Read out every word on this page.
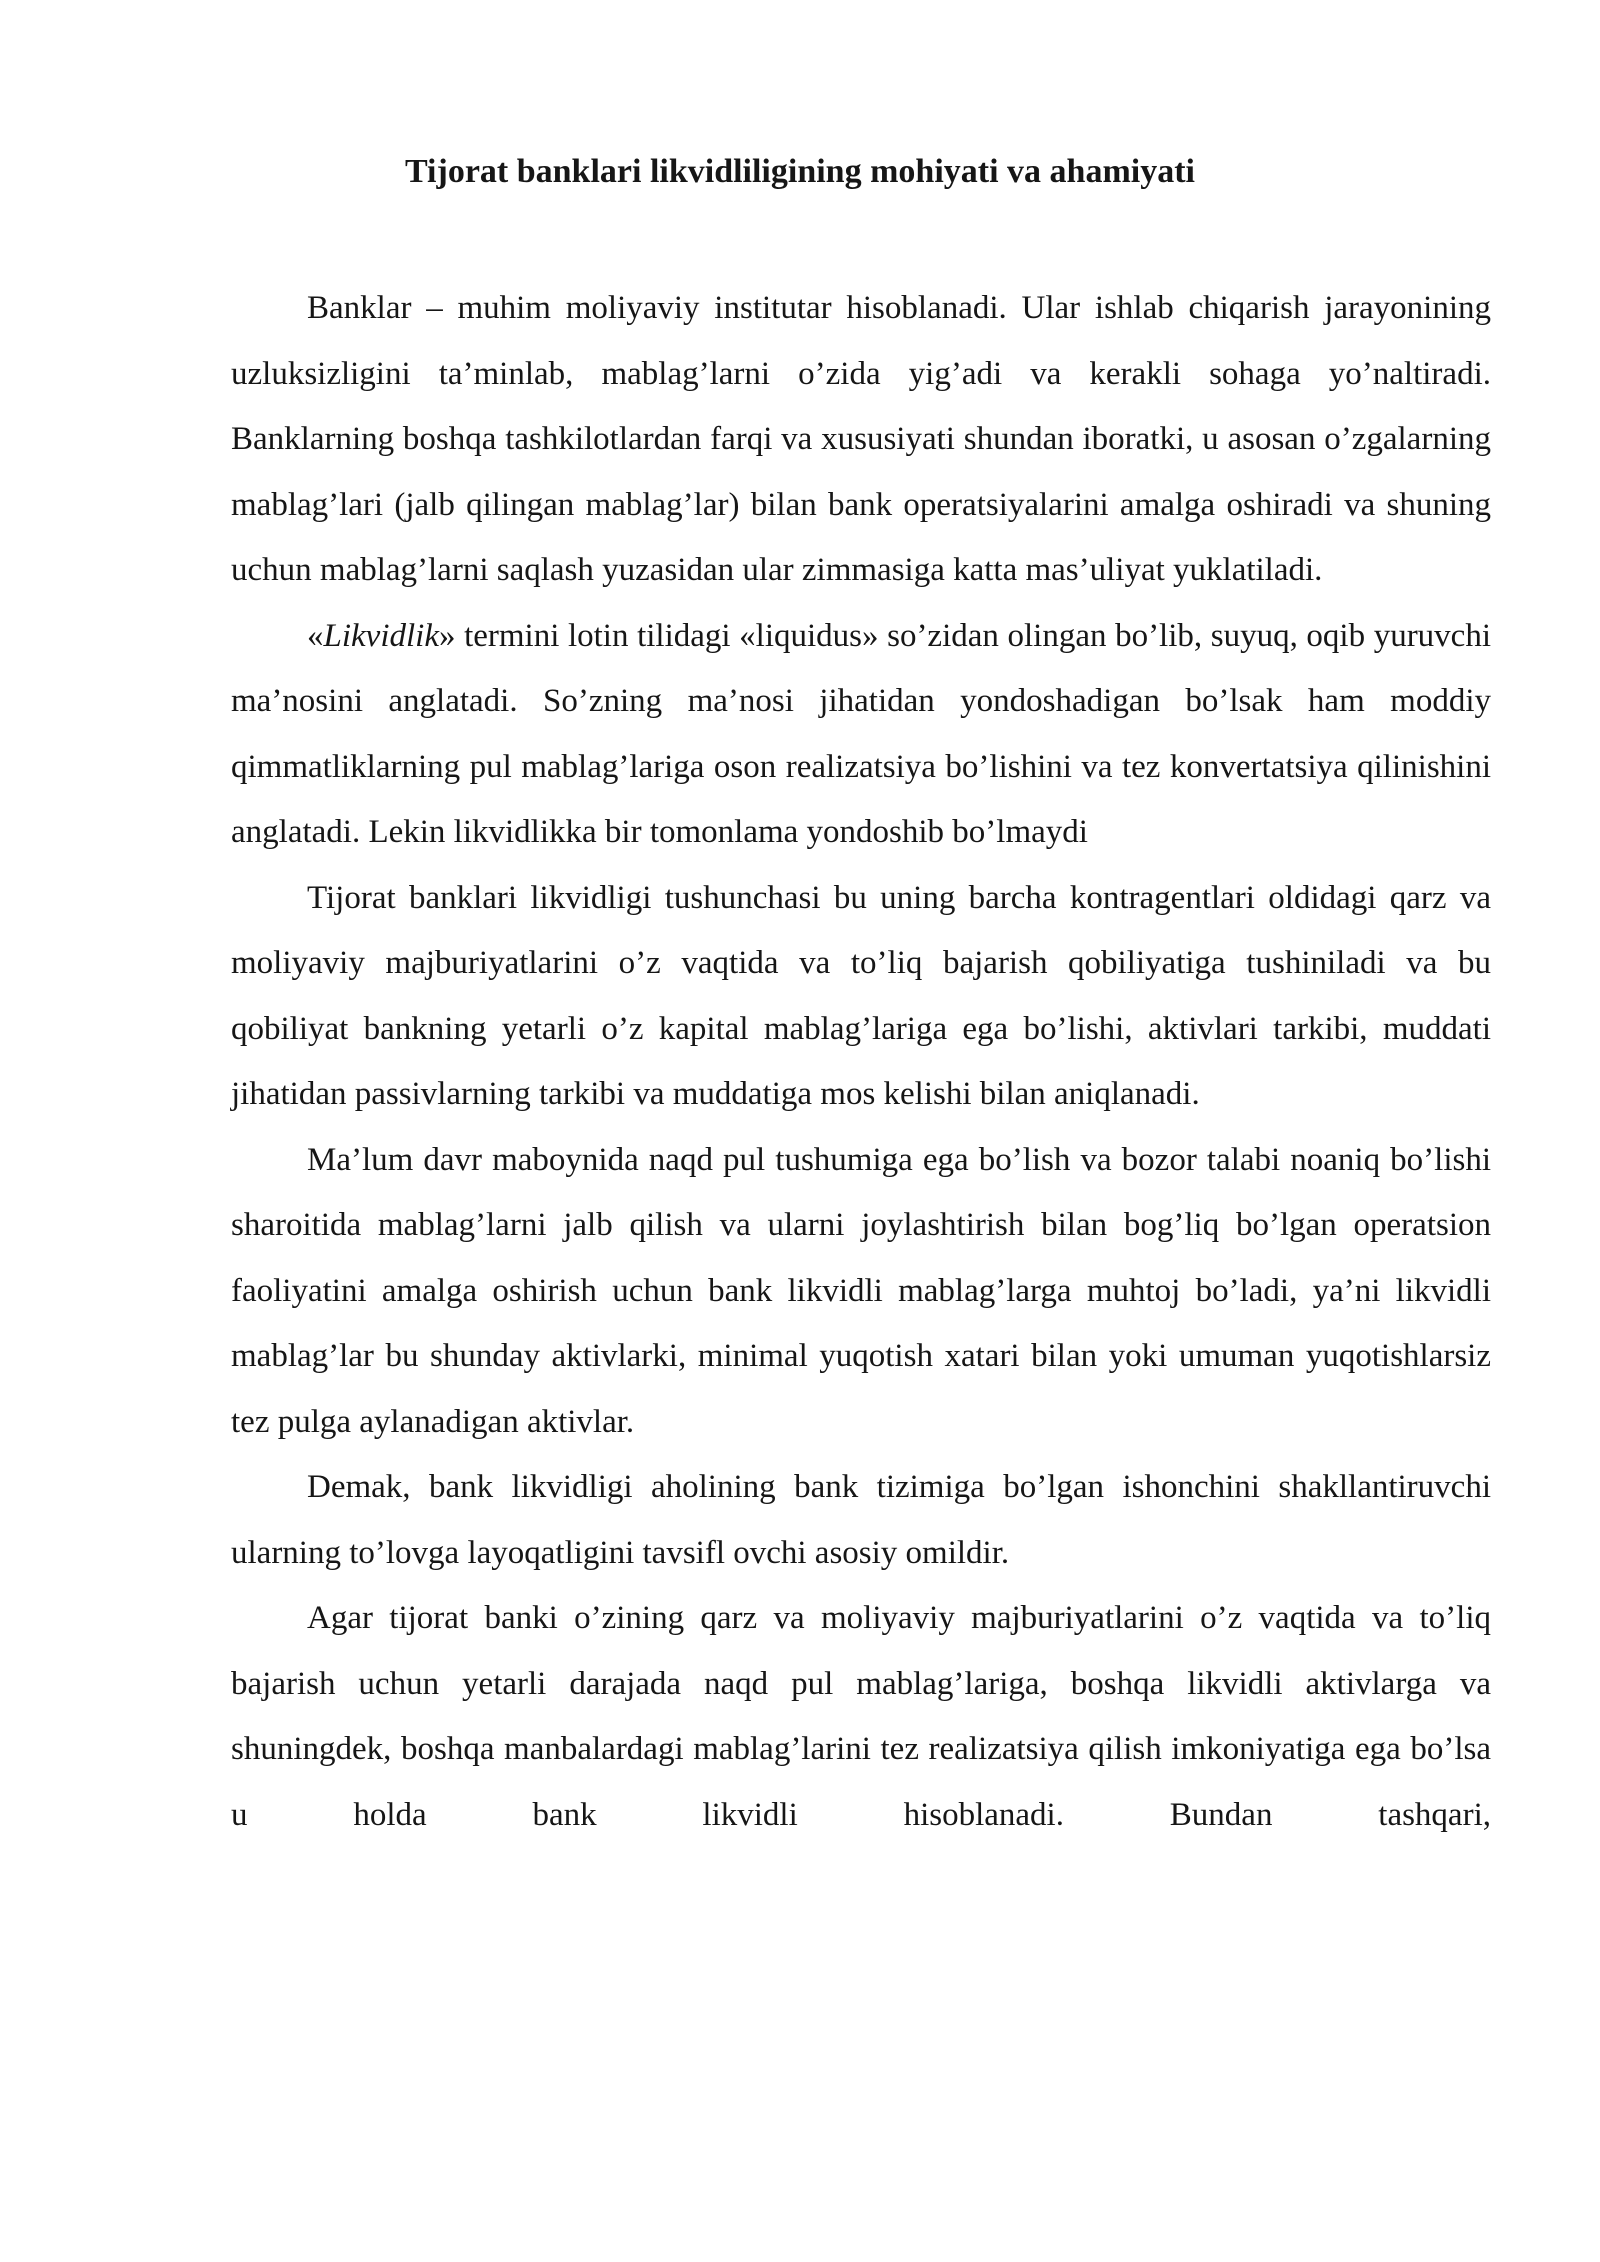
Tijorat banklari likvidliligining mohiyati va ahamiyati

Banklar – muhim moliyaviy institutar hisoblanadi. Ular ishlab chiqarish jarayonining uzluksizligini ta’minlab, mablag’larni o’zida yig’adi va kerakli sohaga yo’naltiradi. Banklarning boshqa tashkilotlardan farqi va xususiyati shundan iboratki, u asosan o’zgalarning mablag’lari (jalb qilingan mablag’lar) bilan bank operatsiyalarini amalga oshiradi va shuning uchun mablag’larni saqlash yuzasidan ular zimmasiga katta mas’uliyat yuklatiladi.

«Likvidlik» termini lotin tilidagi «liquidus» so’zidan olingan bo’lib, suyuq, oqib yuruvchi ma’nosini anglatadi. So’zning ma’nosi jihatidan yondoshadigan bo’lsak ham moddiy qimmatliklarning pul mablag’lariga oson realizatsiya bo’lishini va tez konvertatsiya qilinishini anglatadi. Lekin likvidlikka bir tomonlama yondoshib bo’lmaydi

Tijorat banklari likvidligi tushunchasi bu uning barcha kontragentlari oldidagi qarz va moliyaviy majburiyatlarini o’z vaqtida va to’liq bajarish qobiliyatiga tushiniladi va bu qobiliyat bankning yetarli o’z kapital mablag’lariga ega bo’lishi, aktivlari tarkibi, muddati jihatidan passivlarning tarkibi va muddatiga mos kelishi bilan aniqlanadi.

Ma’lum davr maboynida naqd pul tushumiga ega bo’lish va bozor talabi noaniq bo’lishi sharoitida mablag’larni jalb qilish va ularni joylashtirish bilan bog’liq bo’lgan operatsion faoliyatini amalga oshirish uchun bank likvidli mablag’larga muhtoj bo’ladi, ya’ni likvidli mablag’lar bu shunday aktivlarki, minimal yuqotish xatari bilan yoki umuman yuqotishlarsiz tez pulga aylanadigan aktivlar.

Demak, bank likvidligi aholining bank tizimiga bo’lgan ishonchini shakllantiruvchi ularning to’lovga layoqatligini tavsifl ovchi asosiy omildir.

Agar tijorat banki o’zining qarz va moliyaviy majburiyatlarini o’z vaqtida va to’liq bajarish uchun yetarli darajada naqd pul mablag’lariga, boshqa likvidli aktivlarga va shuningdek, boshqa manbalardagi mablag’larini tez realizatsiya qilish imkoniyatiga ega bo’lsa u holda bank likvidli hisoblanadi. Bundan tashqari,
